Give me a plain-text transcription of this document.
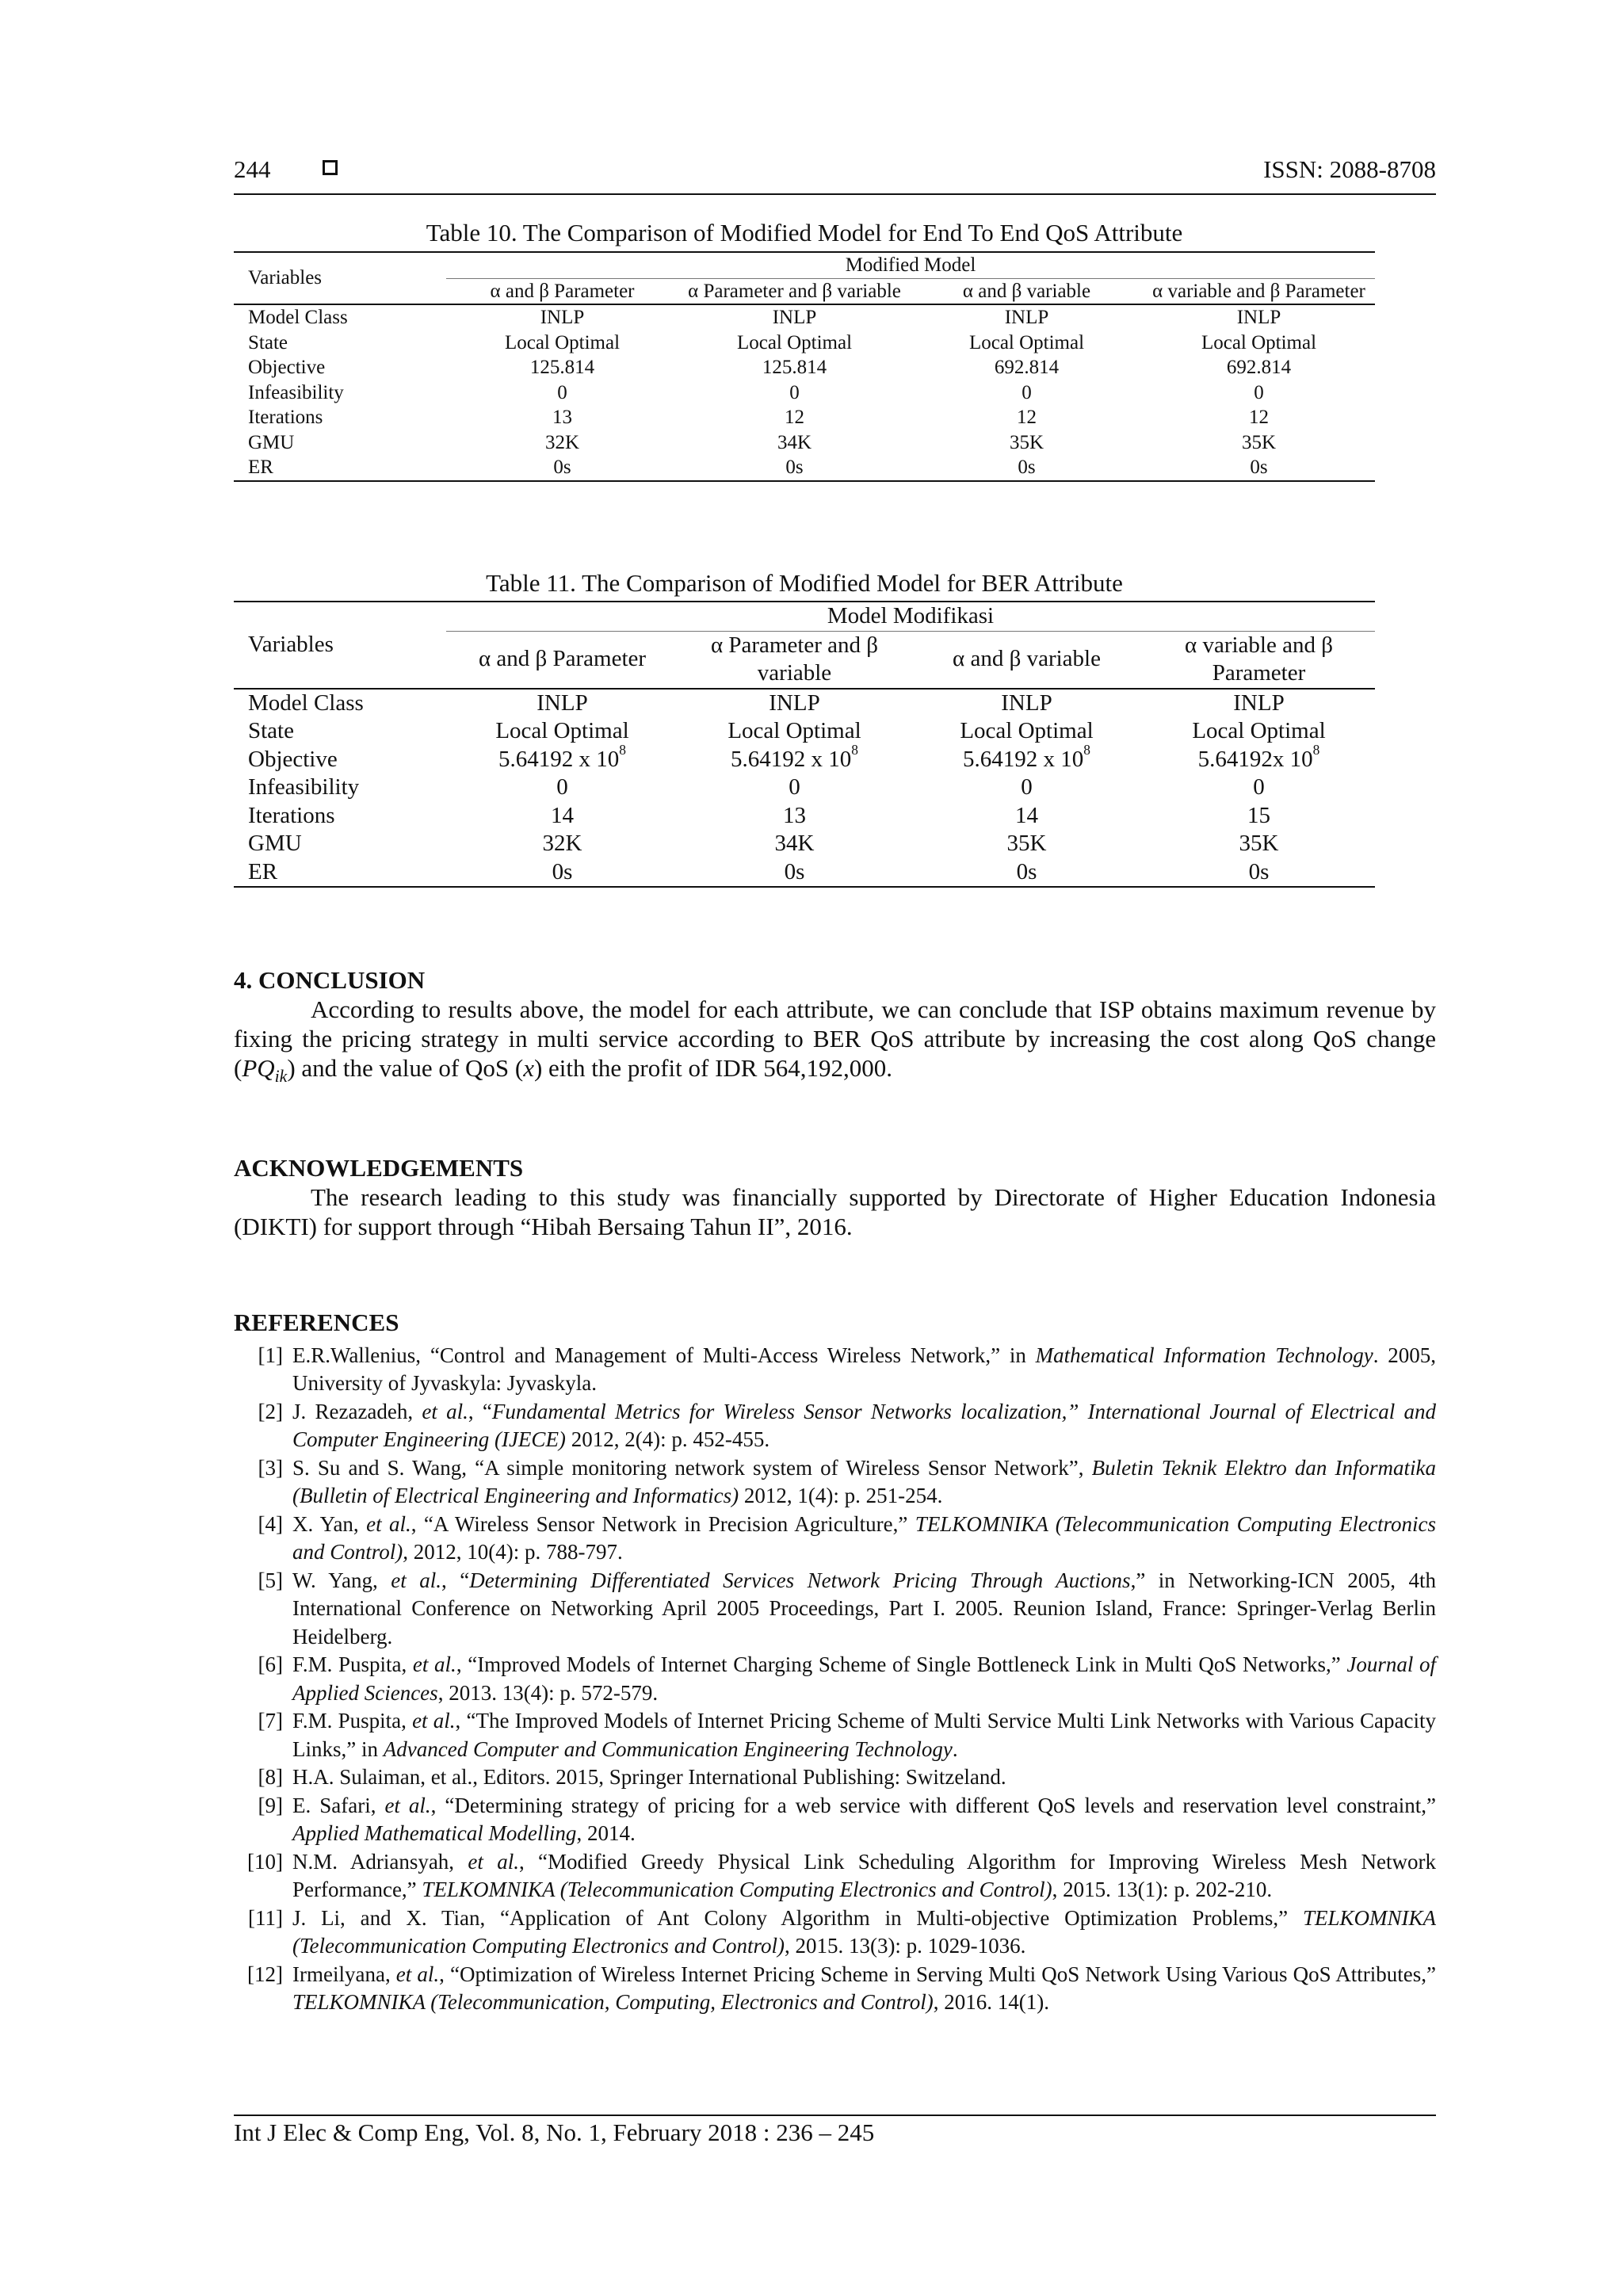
244	ISSN: 2088-8708
Table 10. The Comparison of Modified Model for End To End QoS Attribute
Variables	Modified Model			
	α and β Parameter	α Parameter and β variable	α and β variable	α variable and β Parameter
Model Class	INLP	INLP	INLP	INLP
State	Local Optimal	Local Optimal	Local Optimal	Local Optimal
Objective	125.814	125.814	692.814	692.814
Infeasibility	0	0	0	0
Iterations	13	12	12	12
GMU	32K	34K	35K	35K
ER	0s	0s	0s	0s
Table 11. The Comparison of Modified Model for BER Attribute
Variables	Model Modifikasi			
	α and β Parameter	α Parameter and β variable	α and β variable	α variable and β Parameter
Model Class	INLP	INLP	INLP	INLP
State	Local Optimal	Local Optimal	Local Optimal	Local Optimal
Objective	5.64192 x $10^8$	5.64192 x $10^8$	5.64192 x $10^8$	5.64192x $10^8$
Infeasibility	0	0	0	0
Iterations	14	13	14	15
GMU	32K	34K	35K	35K
ER	0s	0s	0s	0s
4. CONCLUSION

According to results above, the model for each attribute, we can conclude that ISP obtains maximum revenue by fixing the pricing strategy in multi service according to BER QoS attribute by increasing the cost along QoS change $(PQ_{ik})$ and the value of QoS (x) eith the profit of IDR 564,192,000.

ACKNOWLEDGEMENTS

The research leading to this study was financially supported by Directorate of Higher Education Indonesia (DIKTI) for support through “Hibah Bersaing Tahun II”, 2016.

REFERENCES

[1] E.R.Wallenius, “Control and Management of Multi-Access Wireless Network,” in Mathematical Information Technology. 2005, University of Jyvaskyla: Jyvaskyla.

[2] J. Rezazadeh, et al., “Fundamental Metrics for Wireless Sensor Networks localization,” International Journal of Electrical and Computer Engineering (IJECE) 2012, 2(4): p. 452-455.

[3] S. Su and S. Wang, “A simple monitoring network system of Wireless Sensor Network”, Buletin Teknik Elektro dan Informatika (Bulletin of Electrical Engineering and Informatics) 2012, 1(4): p. 251-254.

[4] X. Yan, et al., “A Wireless Sensor Network in Precision Agriculture,” TELKOMNIKA (Telecommunication Computing Electronics and Control), 2012, 10(4): p. 788-797.

[5] W. Yang, et al., “Determining Differentiated Services Network Pricing Through Auctions,” in Networking-ICN 2005, 4th International Conference on Networking April 2005 Proceedings, Part I. 2005. Reunion Island, France: Springer-Verlag Berlin Heidelberg.

[6] F.M. Puspita, et al., “Improved Models of Internet Charging Scheme of Single Bottleneck Link in Multi QoS Networks,” Journal of Applied Sciences, 2013. 13(4): p. 572-579.

[7] F.M. Puspita, et al., “The Improved Models of Internet Pricing Scheme of Multi Service Multi Link Networks with Various Capacity Links,” in Advanced Computer and Communication Engineering Technology.

[8] H.A. Sulaiman, et al., Editors. 2015, Springer International Publishing: Switzeland.

[9] E. Safari, et al., “Determining strategy of pricing for a web service with different QoS levels and reservation level constraint,” Applied Mathematical Modelling, 2014.

[10] N.M. Adriansyah, et al., “Modified Greedy Physical Link Scheduling Algorithm for Improving Wireless Mesh Network Performance,” TELKOMNIKA (Telecommunication Computing Electronics and Control), 2015. 13(1): p. 202-210.

[11] J. Li, and X. Tian, “Application of Ant Colony Algorithm in Multi-objective Optimization Problems,” TELKOMNIKA (Telecommunication Computing Electronics and Control), 2015. 13(3): p. 1029-1036.

[12] Irmeilyana, et al., “Optimization of Wireless Internet Pricing Scheme in Serving Multi QoS Network Using Various QoS Attributes,” TELKOMNIKA (Telecommunication, Computing, Electronics and Control), 2016. 14(1).

Int J Elec & Comp Eng, Vol. 8, No. 1, February 2018 : 236 – 245
